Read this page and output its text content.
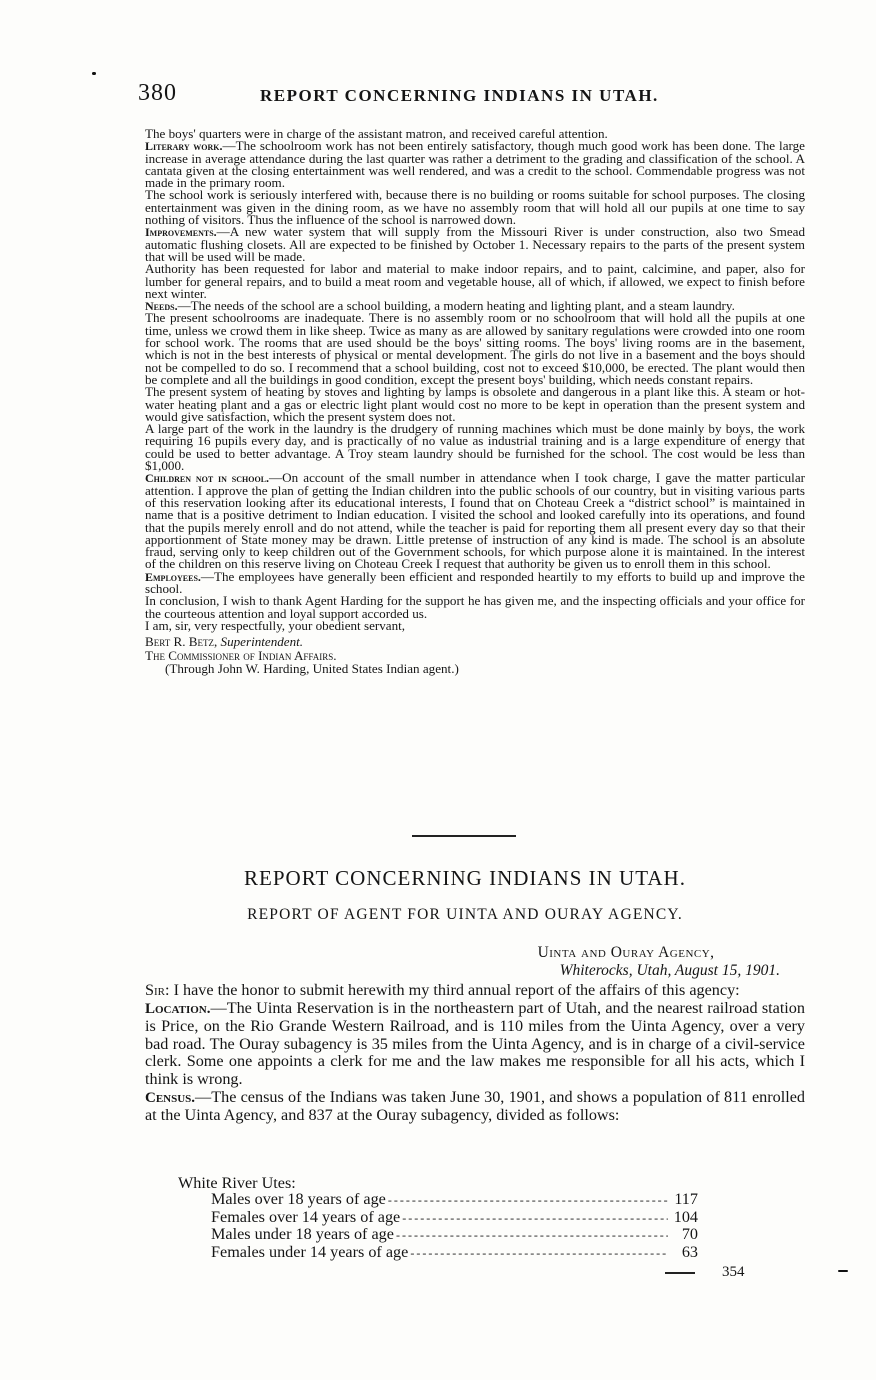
380	REPORT CONCERNING INDIANS IN UTAH.

The boys' quarters were in charge of the assistant matron, and received careful attention.

Literary work.—The schoolroom work has not been entirely satisfactory, though much good work has been done. The large increase in average attendance during the last quarter was rather a detriment to the grading and classification of the school. A cantata given at the closing entertainment was well rendered, and was a credit to the school. Commendable progress was not made in the primary room.

The school work is seriously interfered with, because there is no building or rooms suitable for school purposes. The closing entertainment was given in the dining room, as we have no assembly room that will hold all our pupils at one time to say nothing of visitors. Thus the influence of the school is narrowed down.

Improvements.—A new water system that will supply from the Missouri River is under construction, also two Smead automatic flushing closets. All are expected to be finished by October 1. Necessary repairs to the parts of the present system that will be used will be made.

Authority has been requested for labor and material to make indoor repairs, and to paint, calcimine, and paper, also for lumber for general repairs, and to build a meat room and vegetable house, all of which, if allowed, we expect to finish before next winter.

Needs.—The needs of the school are a school building, a modern heating and lighting plant, and a steam laundry.

The present schoolrooms are inadequate. There is no assembly room or no schoolroom that will hold all the pupils at one time, unless we crowd them in like sheep. Twice as many as are allowed by sanitary regulations were crowded into one room for school work. The rooms that are used should be the boys' sitting rooms. The boys' living rooms are in the basement, which is not in the best interests of physical or mental development. The girls do not live in a basement and the boys should not be compelled to do so. I recommend that a school building, cost not to exceed $10,000, be erected. The plant would then be complete and all the buildings in good condition, except the present boys' building, which needs constant repairs.

The present system of heating by stoves and lighting by lamps is obsolete and dangerous in a plant like this. A steam or hot-water heating plant and a gas or electric light plant would cost no more to be kept in operation than the present system and would give satisfaction, which the present system does not.

A large part of the work in the laundry is the drudgery of running machines which must be done mainly by boys, the work requiring 16 pupils every day, and is practically of no value as industrial training and is a large expenditure of energy that could be used to better advantage. A Troy steam laundry should be furnished for the school. The cost would be less than $1,000.

Children not in school.—On account of the small number in attendance when I took charge, I gave the matter particular attention. I approve the plan of getting the Indian children into the public schools of our country, but in visiting various parts of this reservation looking after its educational interests, I found that on Choteau Creek a “district school” is maintained in name that is a positive detriment to Indian education. I visited the school and looked carefully into its operations, and found that the pupils merely enroll and do not attend, while the teacher is paid for reporting them all present every day so that their apportionment of State money may be drawn. Little pretense of instruction of any kind is made. The school is an absolute fraud, serving only to keep children out of the Government schools, for which purpose alone it is maintained. In the interest of the children on this reserve living on Choteau Creek I request that authority be given us to enroll them in this school.

Employees.—The employees have generally been efficient and responded heartily to my efforts to build up and improve the school.

In conclusion, I wish to thank Agent Harding for the support he has given me, and the inspecting officials and your office for the courteous attention and loyal support accorded us.

I am, sir, very respectfully, your obedient servant,

Bert R. Betz, Superintendent.

The Commissioner of Indian Affairs.

(Through John W. Harding, United States Indian agent.)

REPORT CONCERNING INDIANS IN UTAH.
REPORT OF AGENT FOR UINTA AND OURAY AGENCY.
Uinta and Ouray Agency,
Whiterocks, Utah, August 15, 1901.

Sir: I have the honor to submit herewith my third annual report of the affairs of this agency:

Location.—The Uinta Reservation is in the northeastern part of Utah, and the nearest railroad station is Price, on the Rio Grande Western Railroad, and is 110 miles from the Uinta Agency, over a very bad road. The Ouray subagency is 35 miles from the Uinta Agency, and is in charge of a civil-service clerk. Some one appoints a clerk for me and the law makes me responsible for all his acts, which I think is wrong.

Census.—The census of the Indians was taken June 30, 1901, and shows a population of 811 enrolled at the Uinta Agency, and 837 at the Ouray subagency, divided as follows:

White River Utes:
Males over 18 years of age - - -	117
Females over 14 years of age - - -	104
Males under 18 years of age - - -	70
Females under 14 years of age - - -	63
354
